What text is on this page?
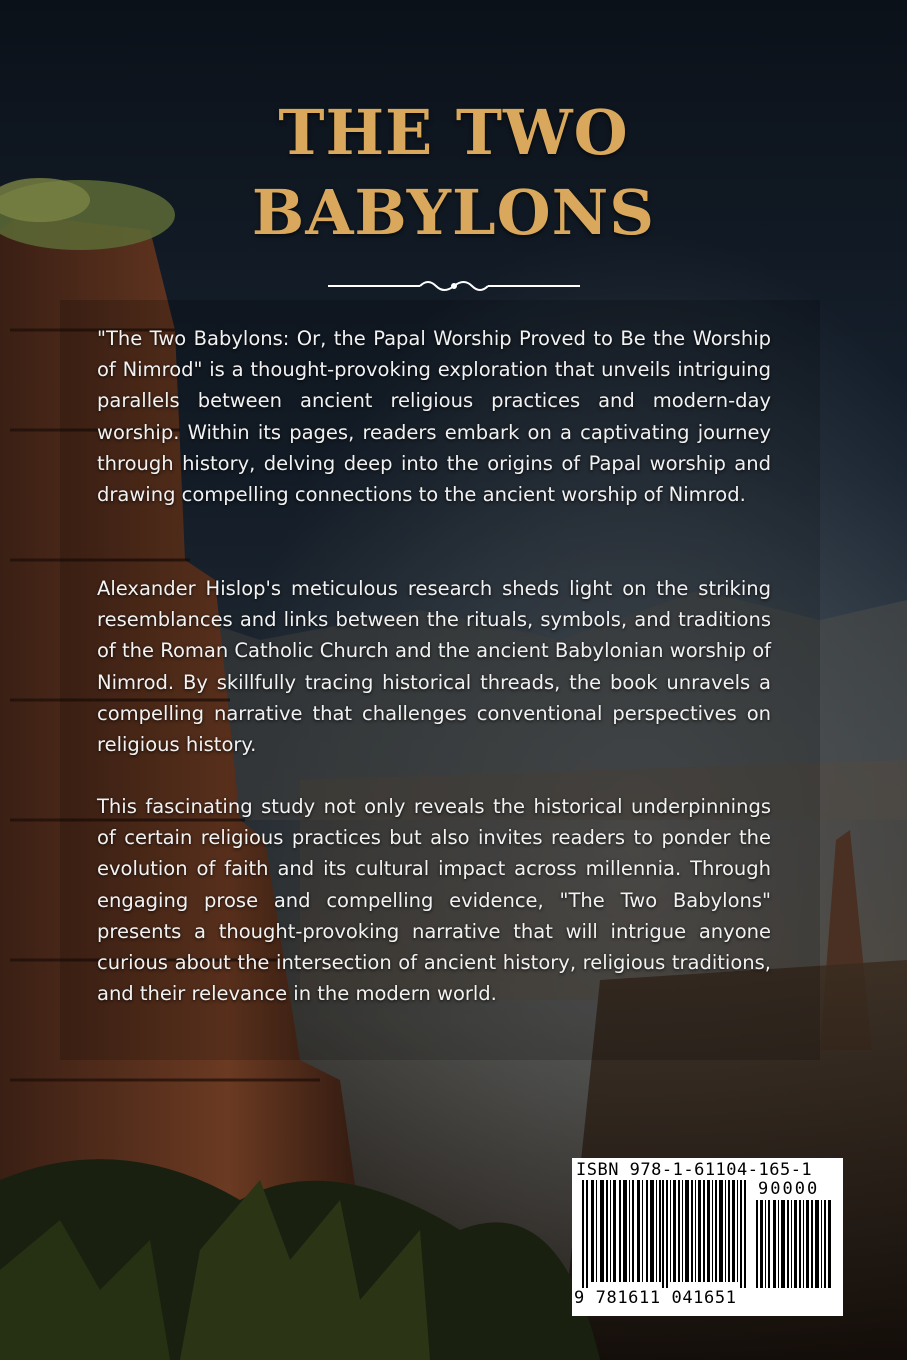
THE TWO
BABYLONS

"The Two Babylons: Or, the Papal Worship Proved to Be the Worship of Nimrod" is a thought-provoking exploration that unveils intriguing parallels between ancient religious practices and modern-day worship. Within its pages, readers embark on a captivating journey through history, delving deep into the origins of Papal worship and drawing compelling connections to the ancient worship of Nimrod.

Alexander Hislop's meticulous research sheds light on the striking resemblances and links between the rituals, symbols, and traditions of the Roman Catholic Church and the ancient Babylonian worship of Nimrod. By skillfully tracing historical threads, the book unravels a compelling narrative that challenges conventional perspectives on religious history.

This fascinating study not only reveals the historical underpinnings of certain religious practices but also invites readers to ponder the evolution of faith and its cultural impact across millennia. Through engaging prose and compelling evidence, "The Two Babylons" presents a thought-provoking narrative that will intrigue anyone curious about the intersection of ancient history, religious traditions, and their relevance in the modern world.

ISBN 978-1-61104-165-1
90000
9 781611 041651
